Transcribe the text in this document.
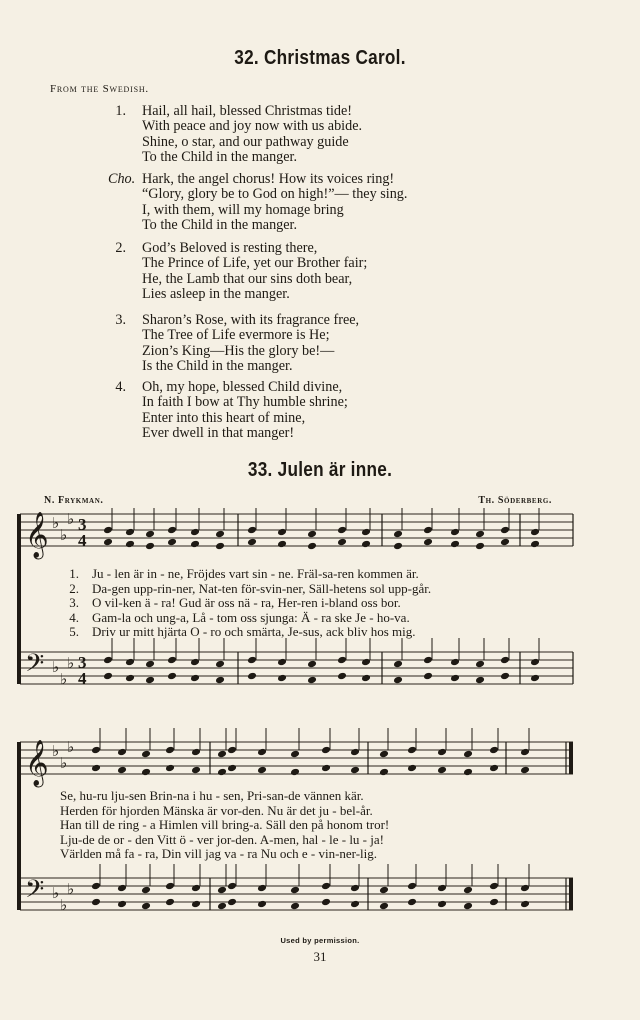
32. Christmas Carol.
From the Swedish.
1. Hail, all hail, blessed Christmas tide!
With peace and joy now with us abide.
Shine, o star, and our pathway guide
To the Child in the manger.
Cho. Hark, the angel chorus! How its voices ring!
“Glory, glory be to God on high!”— they sing.
I, with them, will my homage bring
To the Child in the manger.
2. God’s Beloved is resting there,
The Prince of Life, yet our Brother fair;
He, the Lamb that our sins doth bear,
Lies asleep in the manger.
3. Sharon’s Rose, with its fragrance free,
The Tree of Life evermore is He;
Zion’s King—His the glory be!—
Is the Child in the manger.
4. Oh, my hope, blessed Child divine,
In faith I bow at Thy humble shrine;
Enter into this heart of mine,
Ever dwell in that manger!
33. Julen är inne.
N. Frykman.	Th. Söderberg.
𝄞
𝄢
𝄞
𝄢
♭
♭
♭
♭
♭
♭
♭
♭
♭
♭
♭
♭
3
4
3
4
1. Ju - len är in - ne, Fröjdes vart sin - ne. Fräl-sa-ren kommen är.
2. Da-gen upp-rin-ner, Nat-ten för-svin-ner, Säll-hetens sol upp-går.
3. O vil-ken ä - ra! Gud är oss nä - ra, Her-ren i-bland oss bor.
4. Gam-la och ung-a, Lå - tom oss sjunga: Ä - ra ske Je - ho-va.
5. Driv ur mitt hjärta O - ro och smärta, Je-sus, ack bliv hos mig.
Se, hu-ru lju-sen Brin-na i hu - sen, Pri-san-de vännen kär.
Herden för hjorden Mänska är vor-den. Nu är det ju - bel-år.
Han till de ring - a Himlen vill bring-a. Säll den på honom tror!
Lju-de de or - den Vitt ö - ver jor-den. A-men, hal - le - lu - ja!
Världen må fa - ra, Din vill jag va - ra Nu och e - vin-ner-lig.
Used by permission.
31
